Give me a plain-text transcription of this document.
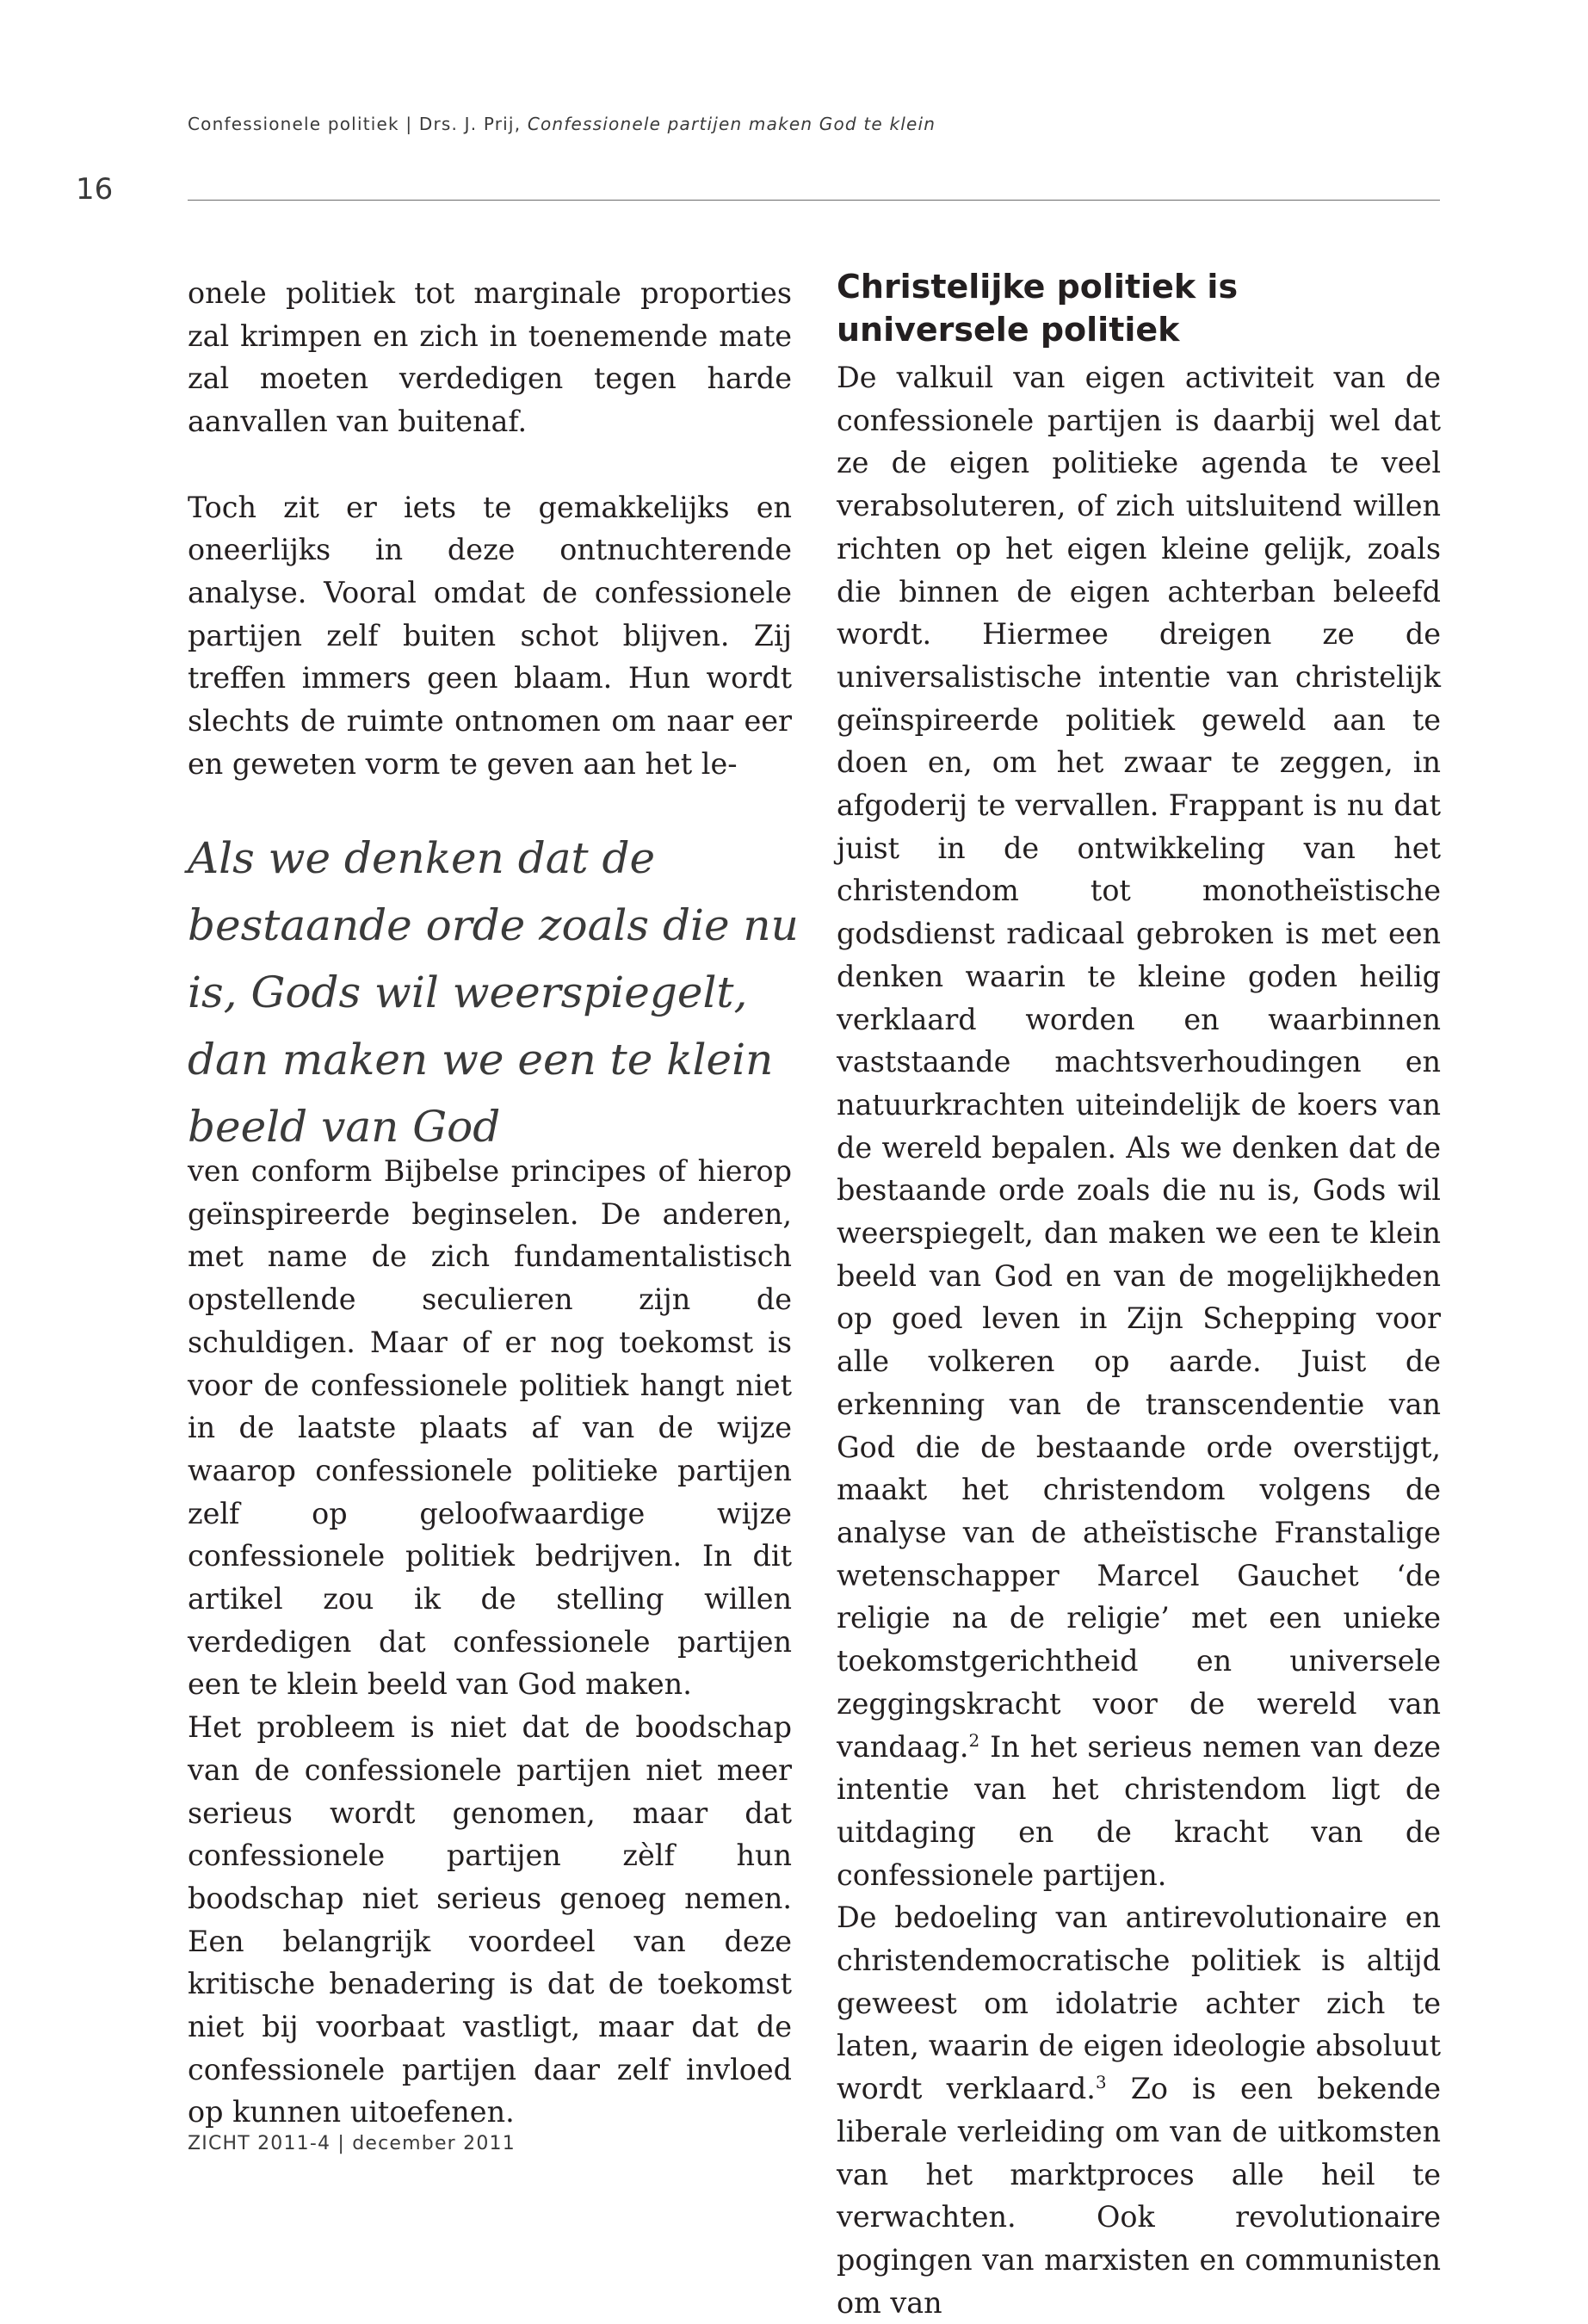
Confessionele politiek | Drs. J. Prij, Confessionele partijen maken God te klein
16

onele politiek tot marginale proporties zal krimpen en zich in toenemende mate zal moeten verdedigen tegen harde aanvallen van buitenaf.

Toch zit er iets te gemakkelijks en oneerlijks in deze ontnuchterende analyse. Vooral omdat de confessionele partijen zelf buiten schot blijven. Zij treffen immers geen blaam. Hun wordt slechts de ruimte ontnomen om naar eer en geweten vorm te geven aan het le-

Als we denken dat de bestaande orde zoals die nu is, Gods wil weerspiegelt, dan maken we een te klein beeld van God

ven conform Bijbelse principes of hierop geïnspireerde beginselen. De anderen, met name de zich fundamentalistisch opstellende seculieren zijn de schuldigen. Maar of er nog toekomst is voor de confessionele politiek hangt niet in de laatste plaats af van de wijze waarop confessionele politieke partijen zelf op geloofwaardige wijze confessionele politiek bedrijven. In dit artikel zou ik de stelling willen verdedigen dat confessionele partijen een te klein beeld van God maken.

Het probleem is niet dat de boodschap van de confessionele partijen niet meer serieus wordt genomen, maar dat confessionele partijen zèlf hun boodschap niet serieus genoeg nemen. Een belangrijk voordeel van deze kritische benadering is dat de toekomst niet bij voorbaat vastligt, maar dat de confessionele partijen daar zelf invloed op kunnen uitoefenen.

Christelijke politiek is universele politiek

De valkuil van eigen activiteit van de confessionele partijen is daarbij wel dat ze de eigen politieke agenda te veel verabsoluteren, of zich uitsluitend willen richten op het eigen kleine gelijk, zoals die binnen de eigen achterban beleefd wordt. Hiermee dreigen ze de universalistische intentie van christelijk geïnspireerde politiek geweld aan te doen en, om het zwaar te zeggen, in afgoderij te vervallen. Frappant is nu dat juist in de ontwikkeling van het christendom tot monotheïstische godsdienst radicaal gebroken is met een denken waarin te kleine goden heilig verklaard worden en waarbinnen vaststaande machtsverhoudingen en natuurkrachten uiteindelijk de koers van de wereld bepalen. Als we denken dat de bestaande orde zoals die nu is, Gods wil weerspiegelt, dan maken we een te klein beeld van God en van de mogelijkheden op goed leven in Zijn Schepping voor alle volkeren op aarde. Juist de erkenning van de transcendentie van God die de bestaande orde overstijgt, maakt het christendom volgens de analyse van de atheïstische Franstalige wetenschapper Marcel Gauchet ‘de religie na de religie’ met een unieke toekomstgerichtheid en universele zeggingskracht voor de wereld van vandaag.$^2$ In het serieus nemen van deze intentie van het christendom ligt de uitdaging en de kracht van de confessionele partijen.

De bedoeling van antirevolutionaire en christendemocratische politiek is altijd geweest om idolatrie achter zich te laten, waarin de eigen ideologie absoluut wordt verklaard.$^3$ Zo is een bekende liberale verleiding om van de uitkomsten van het marktproces alle heil te verwachten. Ook revolutionaire pogingen van marxisten en communisten om van

ZICHT 2011-4 | december 2011
